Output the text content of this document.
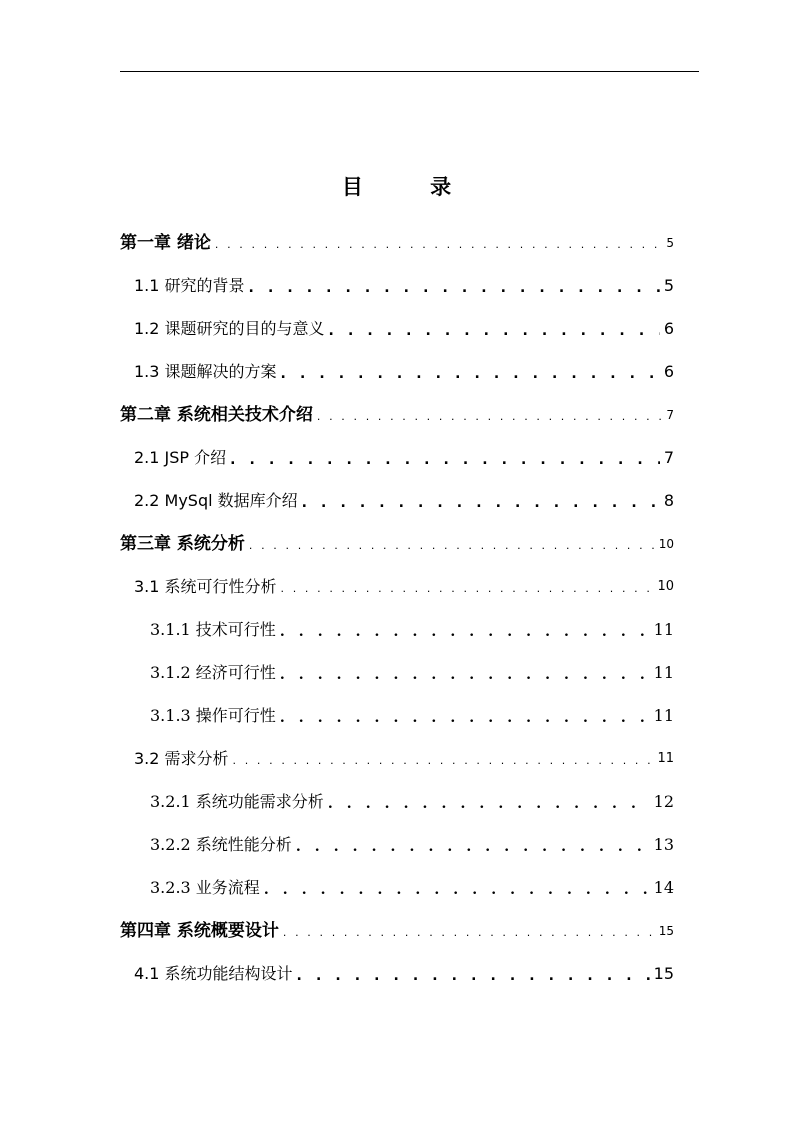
目 录
第一章 绪论 . . .	5
1.1 研究的背景 . . .	5
1.2 课题研究的目的与意义 . . .	6
1.3 课题解决的方案 . . .	6
第二章 系统相关技术介绍 . . .	7
2.1 JSP 介绍 . . .	7
2.2 MySql 数据库介绍 . . .	8
第三章 系统分析 . . .	10
3.1 系统可行性分析 . . .	10
3.1.1 技术可行性 . . .	11
3.1.2 经济可行性 . . .	11
3.1.3 操作可行性 . . .	11
3.2 需求分析 . . .	11
3.2.1 系统功能需求分析 . . .	12
3.2.2 系统性能分析 . . .	13
3.2.3 业务流程 . . .	14
第四章 系统概要设计 . . .	15
4.1 系统功能结构设计 . . .	15
